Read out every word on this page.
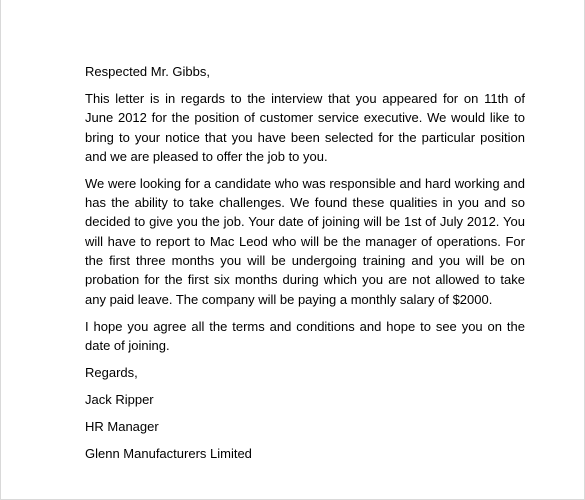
Respected Mr. Gibbs,

This letter is in regards to the interview that you appeared for on 11th of June 2012 for the position of customer service executive. We would like to bring to your notice that you have been selected for the particular position and we are pleased to offer the job to you.

We were looking for a candidate who was responsible and hard working and has the ability to take challenges. We found these qualities in you and so decided to give you the job. Your date of joining will be 1st of July 2012. You will have to report to Mac Leod who will be the manager of operations. For the first three months you will be undergoing training and you will be on probation for the first six months during which you are not allowed to take any paid leave. The company will be paying a monthly salary of $2000.

I hope you agree all the terms and conditions and hope to see you on the date of joining.

Regards,

Jack Ripper

HR Manager

Glenn Manufacturers Limited
